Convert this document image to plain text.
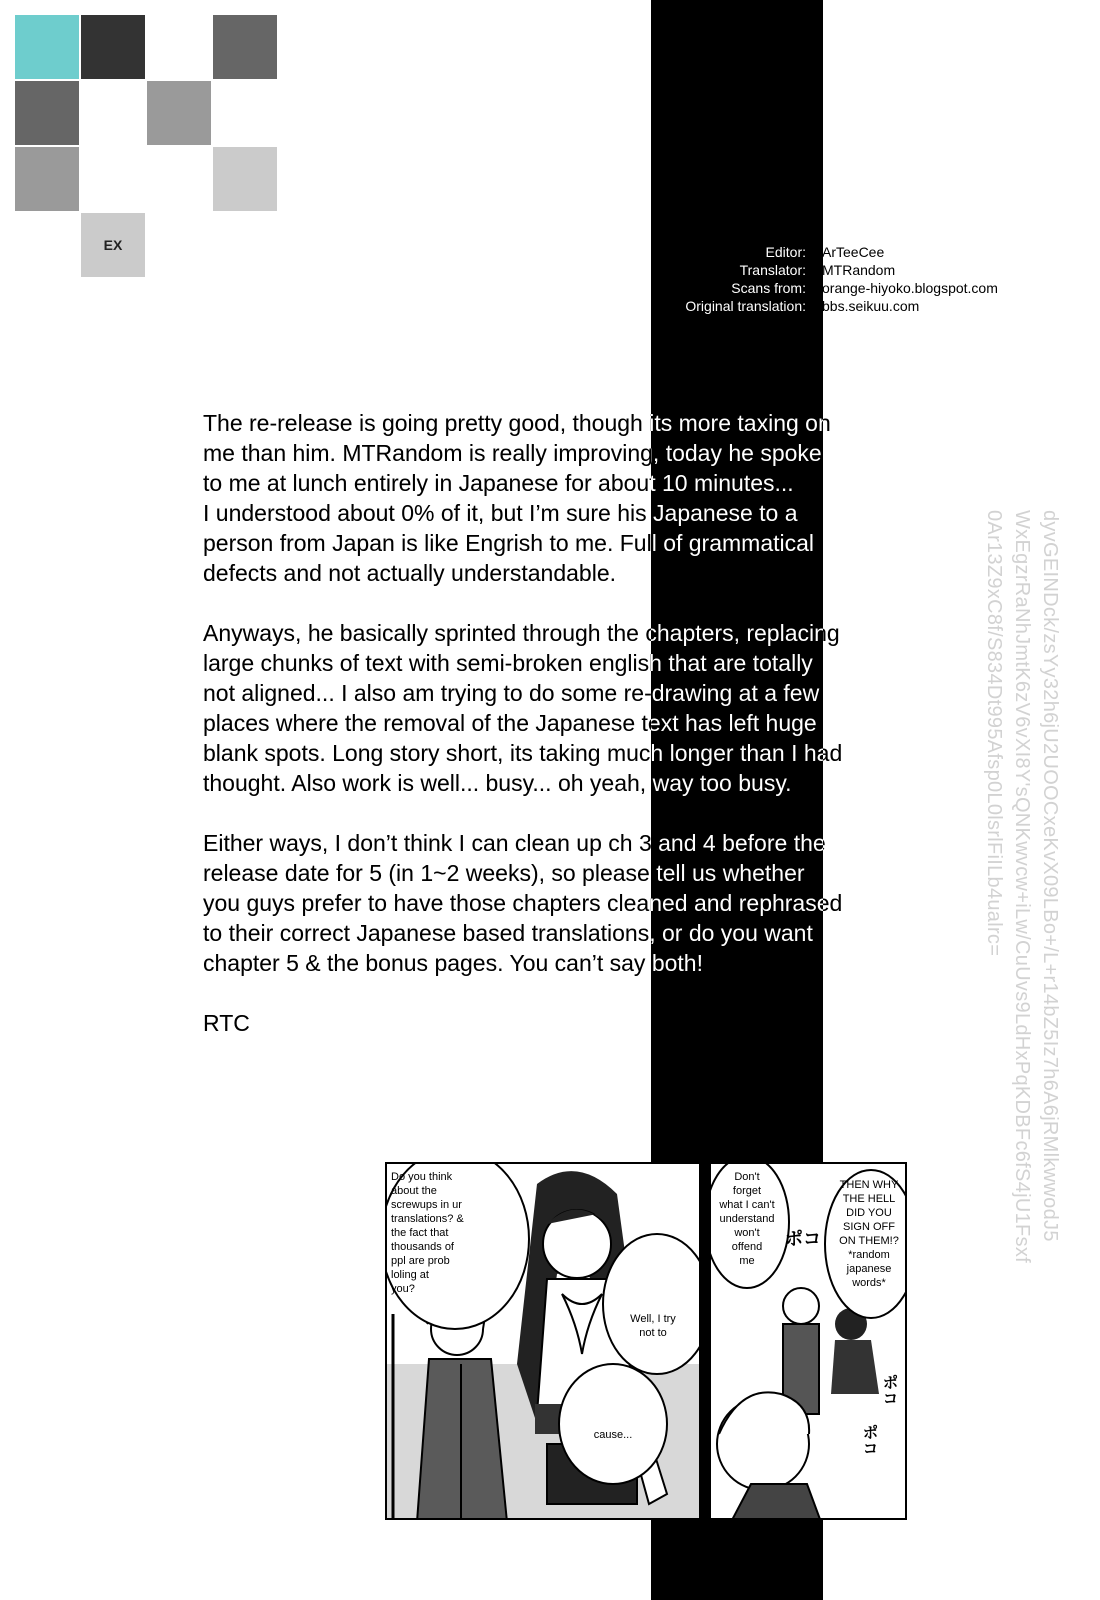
EX	Editor:	ArTeeCee
Translator:	MTRandom
Scans from:	orange-hiyoko.blogspot.com
Original translation:	bbs.seikuu.com

The re-release is going pretty good, though its more taxing on
me than him. MTRandom is really improving, today he spoke
to me at lunch entirely in Japanese for about 10 minutes...
I understood about 0% of it, but I’m sure his Japanese to a
person from Japan is like Engrish to me. Full of grammatical
defects and not actually understandable.

Anyways, he basically sprinted through the chapters, replacing
large chunks of text with semi-broken english that are totally
not aligned... I also am trying to do some re-drawing at a few
places where the removal of the Japanese text has left huge
blank spots. Long story short, its taking much longer than I had
thought. Also work is well... busy... oh yeah, way too busy.

Either ways, I don’t think I can clean up ch 3 and 4 before the
release date for 5 (in 1~2 weeks), so please tell us whether
you guys prefer to have those chapters cleaned and rephrased
to their correct Japanese based translations, or do you want
chapter 5 & the bonus pages. You can’t say both!

RTC	dyvGEINDck/zsYy32h6jU2UOOCxeKvX09LBo+/L+r14bZ5Iz7h6A6jRMlkwwodJ5
WxEgzrRaNhJmtK6zV6vXI8Y'sQNKwvcw+iLw/CuUvs9LdHxPqKDBFc6fS4jU1Fsxf
0Ar13Z9xC8f/S834Dt995Afsp0L0lsrlFiILb4ualrc=
Do you think
about the
screwups in ur
translations? &
the fact that
thousands of
ppl are prob
loling at
you?
Well, I try
not to
cause...
Don't
forget
what I can't
understand
won't
offend
me
THEN WHY
THE HELL
DID YOU
SIGN OFF
ON THEM!?
*random
japanese
words*
ポコ
ポコ
ポコ
